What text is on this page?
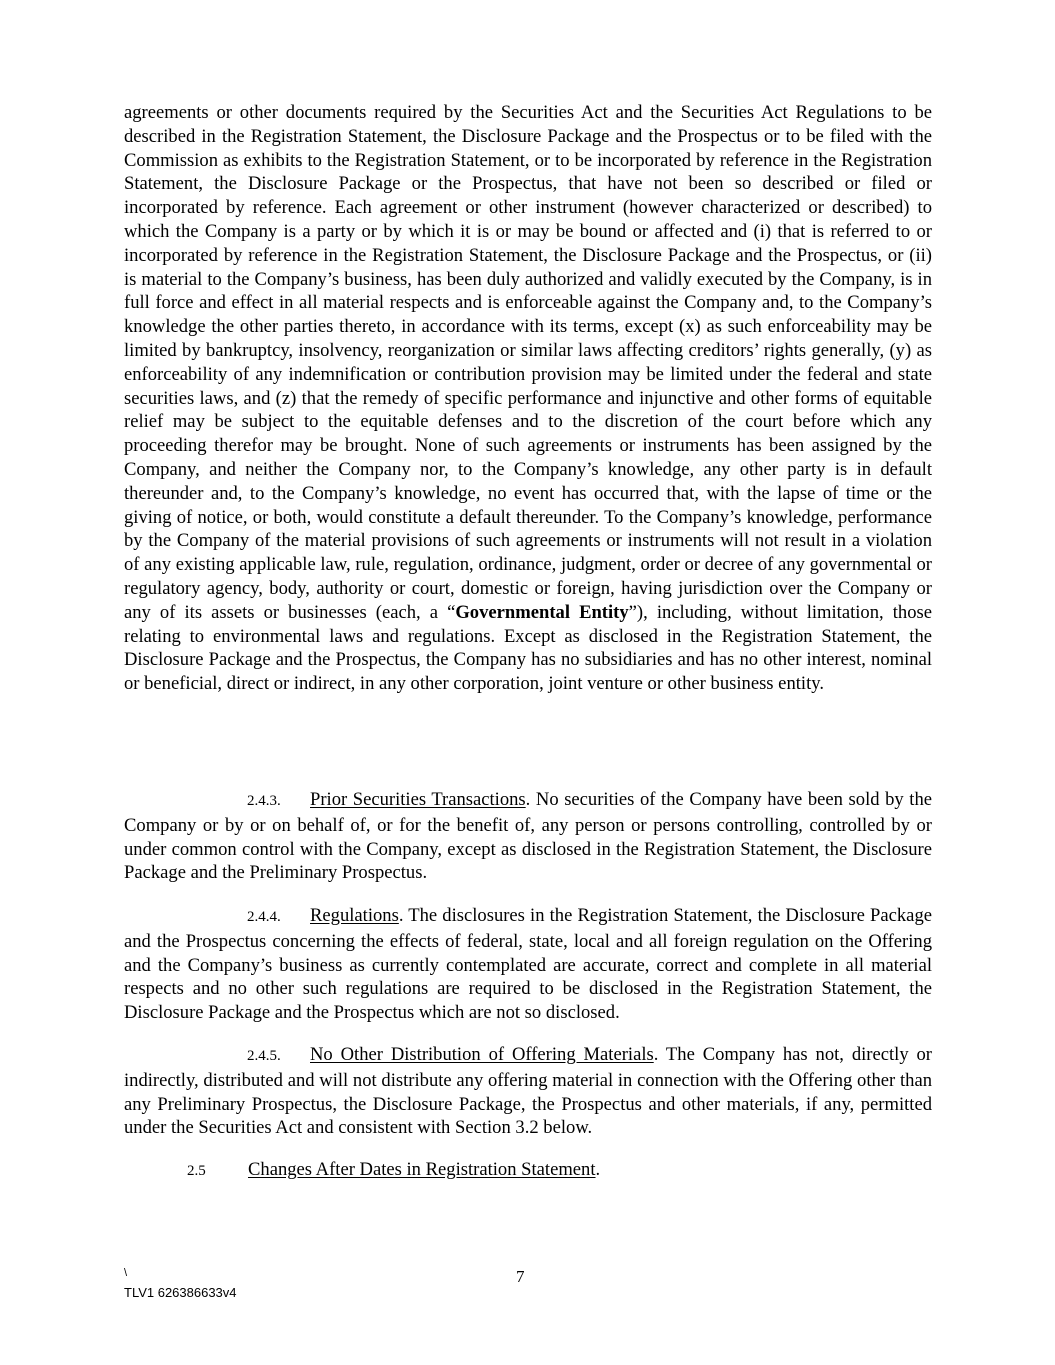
agreements or other documents required by the Securities Act and the Securities Act Regulations to be described in the Registration Statement, the Disclosure Package and the Prospectus or to be filed with the Commission as exhibits to the Registration Statement, or to be incorporated by reference in the Registration Statement, the Disclosure Package or the Prospectus, that have not been so described or filed or incorporated by reference. Each agreement or other instrument (however characterized or described) to which the Company is a party or by which it is or may be bound or affected and (i) that is referred to or incorporated by reference in the Registration Statement, the Disclosure Package and the Prospectus, or (ii) is material to the Company’s business, has been duly authorized and validly executed by the Company, is in full force and effect in all material respects and is enforceable against the Company and, to the Company’s knowledge the other parties thereto, in accordance with its terms, except (x) as such enforceability may be limited by bankruptcy, insolvency, reorganization or similar laws affecting creditors’ rights generally, (y) as enforceability of any indemnification or contribution provision may be limited under the federal and state securities laws, and (z) that the remedy of specific performance and injunctive and other forms of equitable relief may be subject to the equitable defenses and to the discretion of the court before which any proceeding therefor may be brought. None of such agreements or instruments has been assigned by the Company, and neither the Company nor, to the Company’s knowledge, any other party is in default thereunder and, to the Company’s knowledge, no event has occurred that, with the lapse of time or the giving of notice, or both, would constitute a default thereunder. To the Company’s knowledge, performance by the Company of the material provisions of such agreements or instruments will not result in a violation of any existing applicable law, rule, regulation, ordinance, judgment, order or decree of any governmental or regulatory agency, body, authority or court, domestic or foreign, having jurisdiction over the Company or any of its assets or businesses (each, a “Governmental Entity”), including, without limitation, those relating to environmental laws and regulations. Except as disclosed in the Registration Statement, the Disclosure Package and the Prospectus, the Company has no subsidiaries and has no other interest, nominal or beneficial, direct or indirect, in any other corporation, joint venture or other business entity.

2.4.3. Prior Securities Transactions. No securities of the Company have been sold by the Company or by or on behalf of, or for the benefit of, any person or persons controlling, controlled by or under common control with the Company, except as disclosed in the Registration Statement, the Disclosure Package and the Preliminary Prospectus.

2.4.4. Regulations. The disclosures in the Registration Statement, the Disclosure Package and the Prospectus concerning the effects of federal, state, local and all foreign regulation on the Offering and the Company’s business as currently contemplated are accurate, correct and complete in all material respects and no other such regulations are required to be disclosed in the Registration Statement, the Disclosure Package and the Prospectus which are not so disclosed.

2.4.5. No Other Distribution of Offering Materials. The Company has not, directly or indirectly, distributed and will not distribute any offering material in connection with the Offering other than any Preliminary Prospectus, the Disclosure Package, the Prospectus and other materials, if any, permitted under the Securities Act and consistent with Section 3.2 below.

2.5 Changes After Dates in Registration Statement.

\	7

TLV1 626386633v4
